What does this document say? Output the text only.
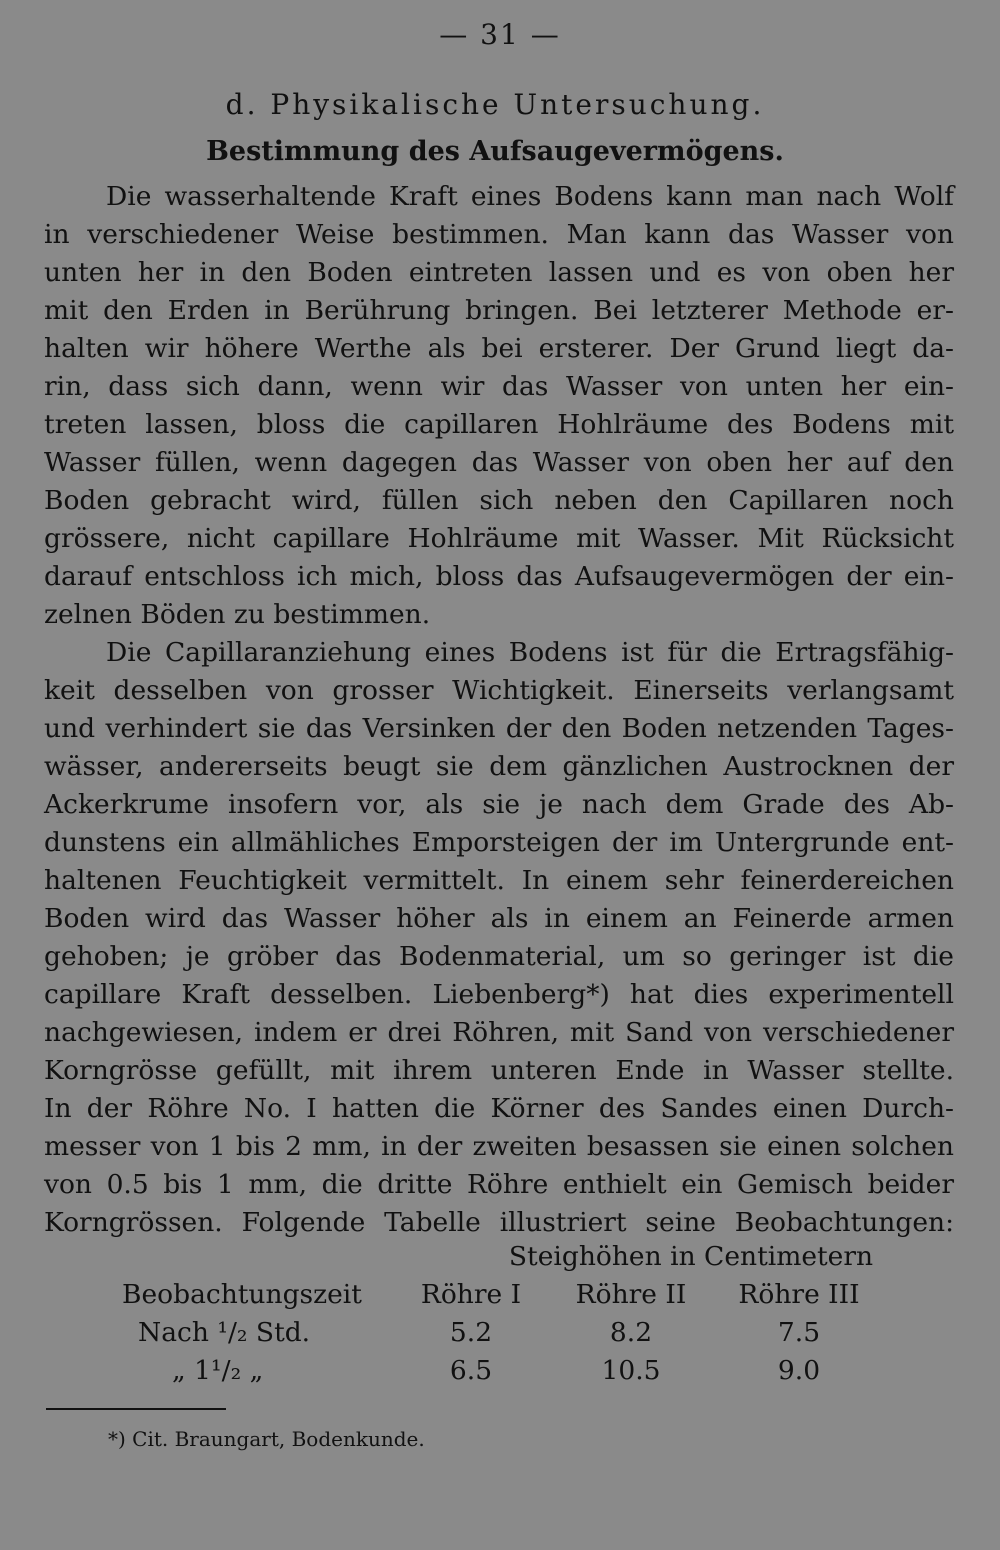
— 31 —
d. Physikalische Untersuchung.
Bestimmung des Aufsaugevermögens.
Die wasserhaltende Kraft eines Bodens kann man nach Wolf
in verschiedener Weise bestimmen. Man kann das Wasser von
unten her in den Boden eintreten lassen und es von oben her
mit den Erden in Berührung bringen. Bei letzterer Methode er-
halten wir höhere Werthe als bei ersterer. Der Grund liegt da-
rin, dass sich dann, wenn wir das Wasser von unten her ein-
treten lassen, bloss die capillaren Hohlräume des Bodens mit
Wasser füllen, wenn dagegen das Wasser von oben her auf den
Boden gebracht wird, füllen sich neben den Capillaren noch
grössere, nicht capillare Hohlräume mit Wasser. Mit Rücksicht
darauf entschloss ich mich, bloss das Aufsaugevermögen der ein-
zelnen Böden zu bestimmen.
Die Capillaranziehung eines Bodens ist für die Ertragsfähig-
keit desselben von grosser Wichtigkeit. Einerseits verlangsamt
und verhindert sie das Versinken der den Boden netzenden Tages-
wässer, andererseits beugt sie dem gänzlichen Austrocknen der
Ackerkrume insofern vor, als sie je nach dem Grade des Ab-
dunstens ein allmähliches Emporsteigen der im Untergrunde ent-
haltenen Feuchtigkeit vermittelt. In einem sehr feinerdereichen
Boden wird das Wasser höher als in einem an Feinerde armen
gehoben; je gröber das Bodenmaterial, um so geringer ist die
capillare Kraft desselben. Liebenberg*) hat dies experimentell
nachgewiesen, indem er drei Röhren, mit Sand von verschiedener
Korngrösse gefüllt, mit ihrem unteren Ende in Wasser stellte.
In der Röhre No. I hatten die Körner des Sandes einen Durch-
messer von 1 bis 2 mm, in der zweiten besassen sie einen solchen
von 0.5 bis 1 mm, die dritte Röhre enthielt ein Gemisch beider
Korngrössen. Folgende Tabelle illustriert seine Beobachtungen:
Steighöhen in Centimetern
Beobachtungszeit	Röhre I	Röhre II	Röhre III
Nach ¹/₂ Std.	5.2	8.2	7.5
„ 1¹/₂ „	6.5	10.5	9.0
*) Cit. Braungart, Bodenkunde.
